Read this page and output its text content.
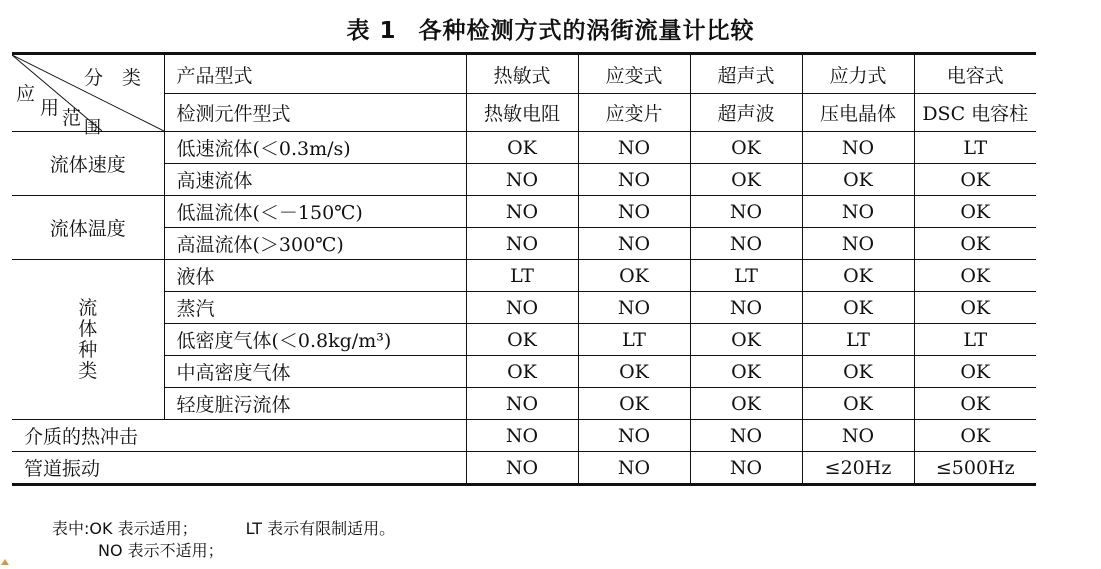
表 1 各种检测方式的涡街流量计比较
分　类
应
用 范 围	产品型式	热敏式	应变式	超声式	应力式	电容式
	检测元件型式	热敏电阻	应变片	超声波	压电晶体	DSC 电容柱
流体速度	低速流体(＜0.3m/s)	OK	NO	OK	NO	LT
	高速流体	NO	NO	OK	OK	OK
流体温度	低温流体(＜－150℃)	NO	NO	NO	NO	OK
	高温流体(＞300℃)	NO	NO	NO	NO	OK

流
体
种
类	液体	LT	OK	LT	OK	OK
	蒸汽	NO	NO	NO	OK	OK
	低密度气体(＜0.8kg/m³)	OK	LT	OK	LT	LT
	中高密度气体	OK	OK	OK	OK	OK
	轻度脏污流体	NO	OK	OK	OK	OK
介质的热冲击		NO	NO	NO	NO	OK
管道振动		NO	NO	NO	≤20Hz	≤500Hz
表中:OK 表示适用；	LT 表示有限制适用。
NO 表示不适用；
